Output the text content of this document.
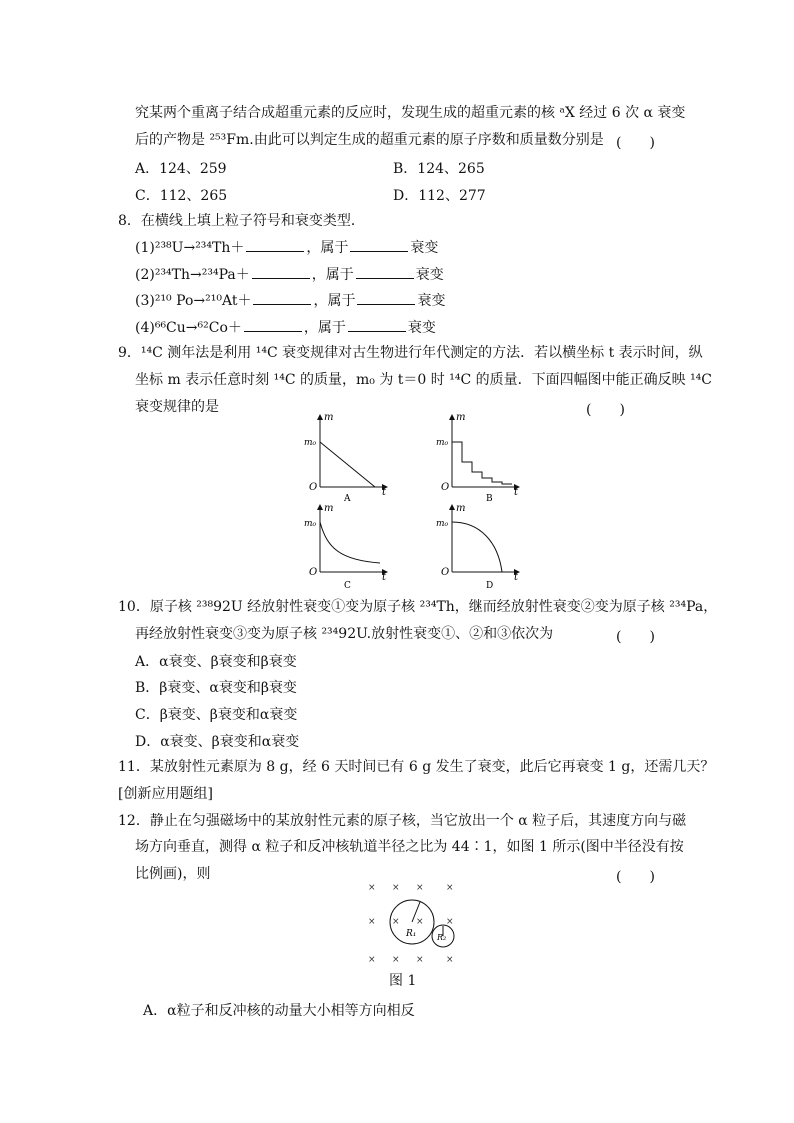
究某两个重离子结合成超重元素的反应时，发现生成的超重元素的核 ᵃX 经过 6 次 α 衰变
后的产物是 ²⁵³Fm.由此可以判定生成的超重元素的原子序数和质量数分别是 (　　)
A．124、259	B．124、265
C．112、265	D．112、277
8．在横线上填上粒子符号和衰变类型．
(1)²³⁸U→²³⁴Th＋	，属于	衰变
(2)²³⁴Th→²³⁴Pa＋	，属于	衰变
(3)²¹⁰ Po→²¹⁰At＋	，属于	衰变
(4)⁶⁶Cu→⁶²Co＋	，属于	衰变
9．¹⁴C 测年法是利用 ¹⁴C 衰变规律对古生物进行年代测定的方法．若以横坐标 t 表示时间，纵
坐标 m 表示任意时刻 ¹⁴C 的质量，m₀ 为 t＝0 时 ¹⁴C 的质量．下面四幅图中能正确反映 ¹⁴C
衰变规律的是	(　　)
m
m₀
O	t
A
m
m₀
O	t
B
m
m₀
O	t
C
m
m₀
O	t
D
10．原子核 ²³⁸92U 经放射性衰变①变为原子核 ²³⁴Th，继而经放射性衰变②变为原子核 ²³⁴Pa，
再经放射性衰变③变为原子核 ²³⁴92U.放射性衰变①、②和③依次为	(　　)
A．α衰变、β衰变和β衰变
B．β衰变、α衰变和β衰变
C．β衰变、β衰变和α衰变
D．α衰变、β衰变和α衰变
11．某放射性元素原为 8 g，经 6 天时间已有 6 g 发生了衰变，此后它再衰变 1 g，还需几天？
[创新应用题组]
12．静止在匀强磁场中的某放射性元素的原子核，当它放出一个 α 粒子后，其速度方向与磁
场方向垂直，测得 α 粒子和反冲核轨道半径之比为 44∶1，如图 1 所示(图中半径没有按
比例画)，则	(　　)
× × × ×
× × × ×
× × × ×
R₁	R₂
图 1
A．α粒子和反冲核的动量大小相等方向相反
